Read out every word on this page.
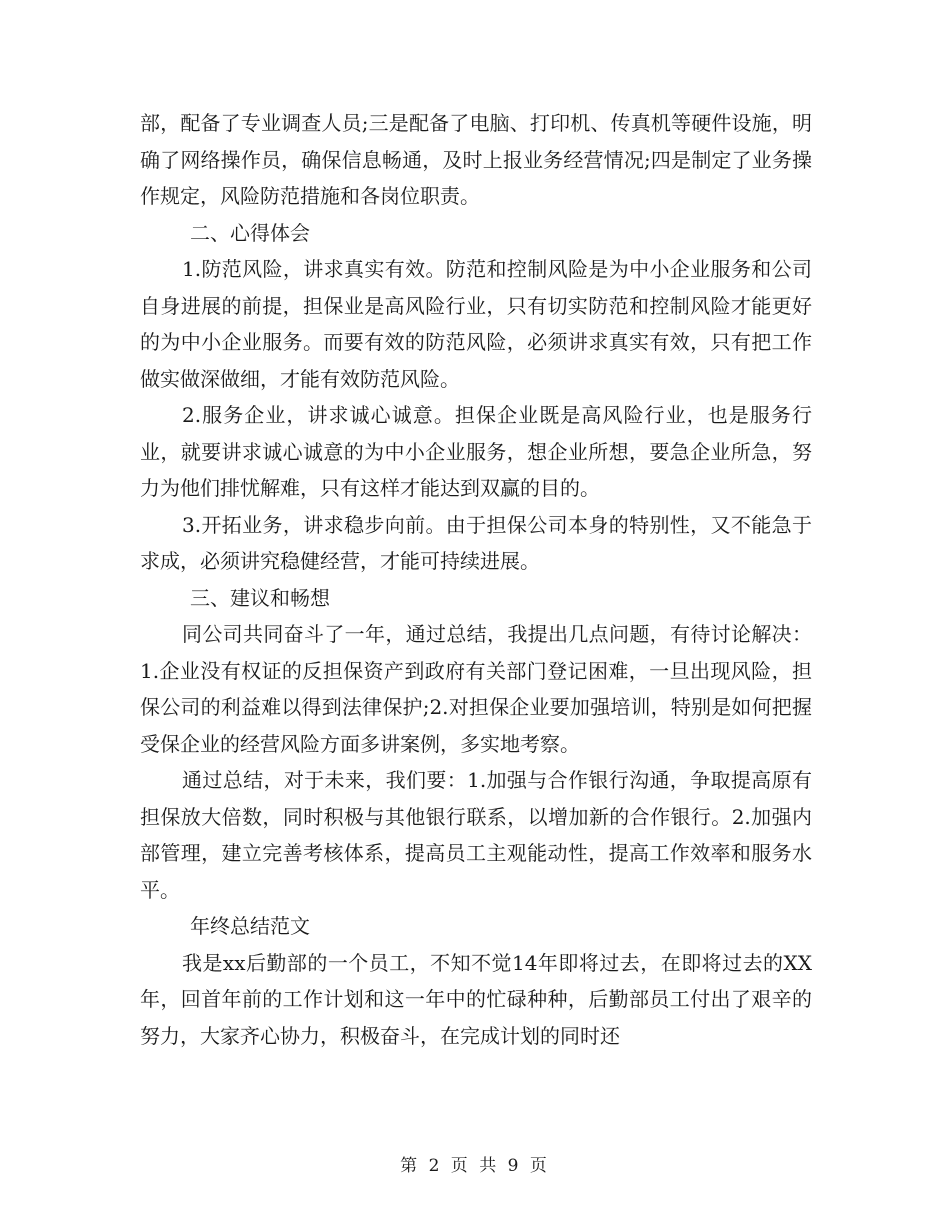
部，配备了专业调查人员;三是配备了电脑、打印机、传真机等硬件设施，明确了网络操作员，确保信息畅通，及时上报业务经营情况;四是制定了业务操作规定，风险防范措施和各岗位职责。

二、心得体会

1.防范风险，讲求真实有效。防范和控制风险是为中小企业服务和公司自身进展的前提，担保业是高风险行业，只有切实防范和控制风险才能更好的为中小企业服务。而要有效的防范风险，必须讲求真实有效，只有把工作做实做深做细，才能有效防范风险。

2.服务企业，讲求诚心诚意。担保企业既是高风险行业，也是服务行业，就要讲求诚心诚意的为中小企业服务，想企业所想，要急企业所急，努力为他们排忧解难，只有这样才能达到双赢的目的。

3.开拓业务，讲求稳步向前。由于担保公司本身的特别性，又不能急于求成，必须讲究稳健经营，才能可持续进展。

三、建议和畅想

同公司共同奋斗了一年，通过总结，我提出几点问题，有待讨论解决：1.企业没有权证的反担保资产到政府有关部门登记困难，一旦出现风险，担保公司的利益难以得到法律保护;2.对担保企业要加强培训，特别是如何把握受保企业的经营风险方面多讲案例，多实地考察。

通过总结，对于未来，我们要：1.加强与合作银行沟通，争取提高原有担保放大倍数，同时积极与其他银行联系，以增加新的合作银行。2.加强内部管理，建立完善考核体系，提高员工主观能动性，提高工作效率和服务水平。

年终总结范文

我是xx后勤部的一个员工，不知不觉14年即将过去，在即将过去的XX年，回首年前的工作计划和这一年中的忙碌种种，后勤部员工付出了艰辛的努力，大家齐心协力，积极奋斗，在完成计划的同时还

第 2 页 共 9 页
